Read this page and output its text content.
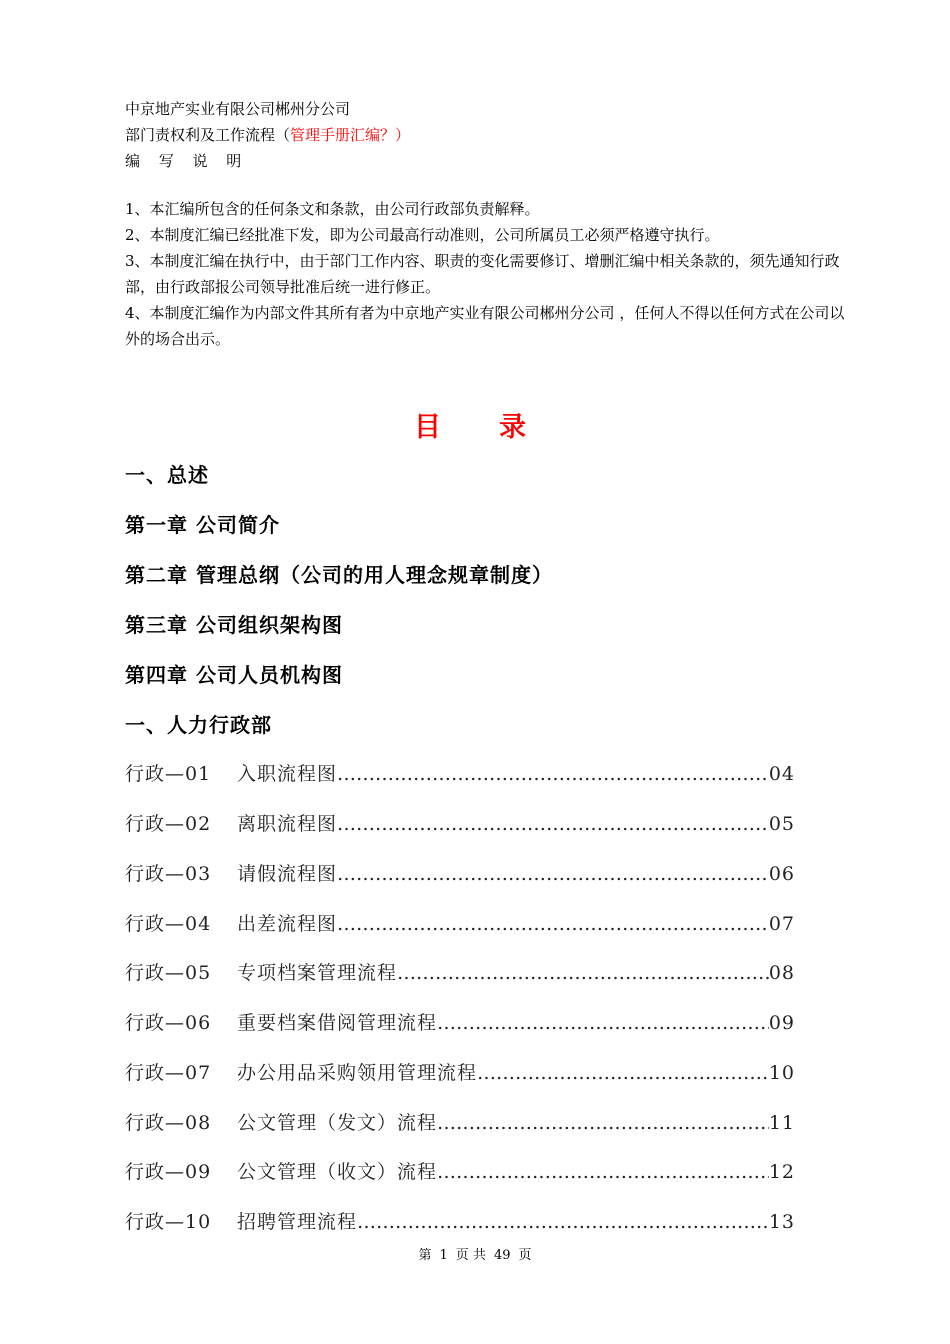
中京地产实业有限公司郴州分公司
部门责权利及工作流程（管理手册汇编？）
编 写 说 明
1、本汇编所包含的任何条文和条款，由公司行政部负责解释。
2、本制度汇编已经批准下发，即为公司最高行动准则，公司所属员工必须严格遵守执行。
3、本制度汇编在执行中，由于部门工作内容、职责的变化需要修订、增删汇编中相关条款的，须先通知行政部，由行政部报公司领导批准后统一进行修正。
4、本制度汇编作为内部文件其所有者为中京地产实业有限公司郴州分公司 ，任何人不得以任何方式在公司以外的场合出示。
目 录
一、总述
第一章 公司简介
第二章 管理总纲（公司的用人理念规章制度）
第三章 公司组织架构图
第四章 公司人员机构图
一、人力行政部
行政—01	入职流程图 ……………………………………………………………………………………………………………	04
行政—02	离职流程图 ……………………………………………………………………………………………………………	05
行政—03	请假流程图 ……………………………………………………………………………………………………………	06
行政—04	出差流程图 ……………………………………………………………………………………………………………	07
行政—05	专项档案管理流程 ……………………………………………………………………………………………………………	08
行政—06	重要档案借阅管理流程 ……………………………………………………………………………………………………………	09
行政—07	办公用品采购领用管理流程 ……………………………………………………………………………………………………………	10
行政—08	公文管理（发文）流程 ……………………………………………………………………………………………………………	11
行政—09	公文管理（收文）流程 ……………………………………………………………………………………………………………	12
行政—10	招聘管理流程 ……………………………………………………………………………………………………………	13
第 1 页 共 49 页
